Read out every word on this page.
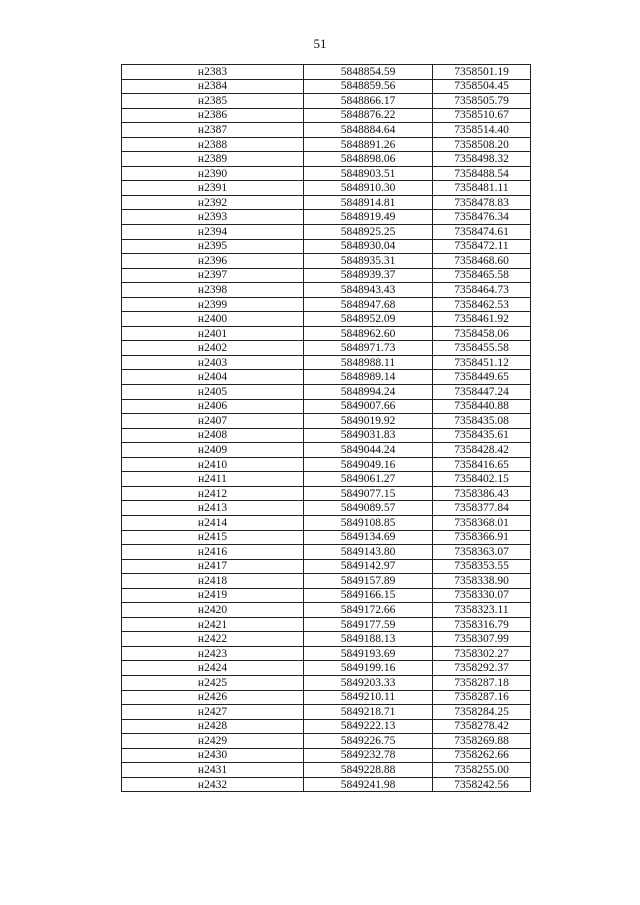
51
н2383	5848854.59	7358501.19
н2384	5848859.56	7358504.45
н2385	5848866.17	7358505.79
н2386	5848876.22	7358510.67
н2387	5848884.64	7358514.40
н2388	5848891.26	7358508.20
н2389	5848898.06	7358498.32
н2390	5848903.51	7358488.54
н2391	5848910.30	7358481.11
н2392	5848914.81	7358478.83
н2393	5848919.49	7358476.34
н2394	5848925.25	7358474.61
н2395	5848930.04	7358472.11
н2396	5848935.31	7358468.60
н2397	5848939.37	7358465.58
н2398	5848943.43	7358464.73
н2399	5848947.68	7358462.53
н2400	5848952.09	7358461.92
н2401	5848962.60	7358458.06
н2402	5848971.73	7358455.58
н2403	5848988.11	7358451.12
н2404	5848989.14	7358449.65
н2405	5848994.24	7358447.24
н2406	5849007.66	7358440.88
н2407	5849019.92	7358435.08
н2408	5849031.83	7358435.61
н2409	5849044.24	7358428.42
н2410	5849049.16	7358416.65
н2411	5849061.27	7358402.15
н2412	5849077.15	7358386.43
н2413	5849089.57	7358377.84
н2414	5849108.85	7358368.01
н2415	5849134.69	7358366.91
н2416	5849143.80	7358363.07
н2417	5849142.97	7358353.55
н2418	5849157.89	7358338.90
н2419	5849166.15	7358330.07
н2420	5849172.66	7358323.11
н2421	5849177.59	7358316.79
н2422	5849188.13	7358307.99
н2423	5849193.69	7358302.27
н2424	5849199.16	7358292.37
н2425	5849203.33	7358287.18
н2426	5849210.11	7358287.16
н2427	5849218.71	7358284.25
н2428	5849222.13	7358278.42
н2429	5849226.75	7358269.88
н2430	5849232.78	7358262.66
н2431	5849228.88	7358255.00
н2432	5849241.98	7358242.56
